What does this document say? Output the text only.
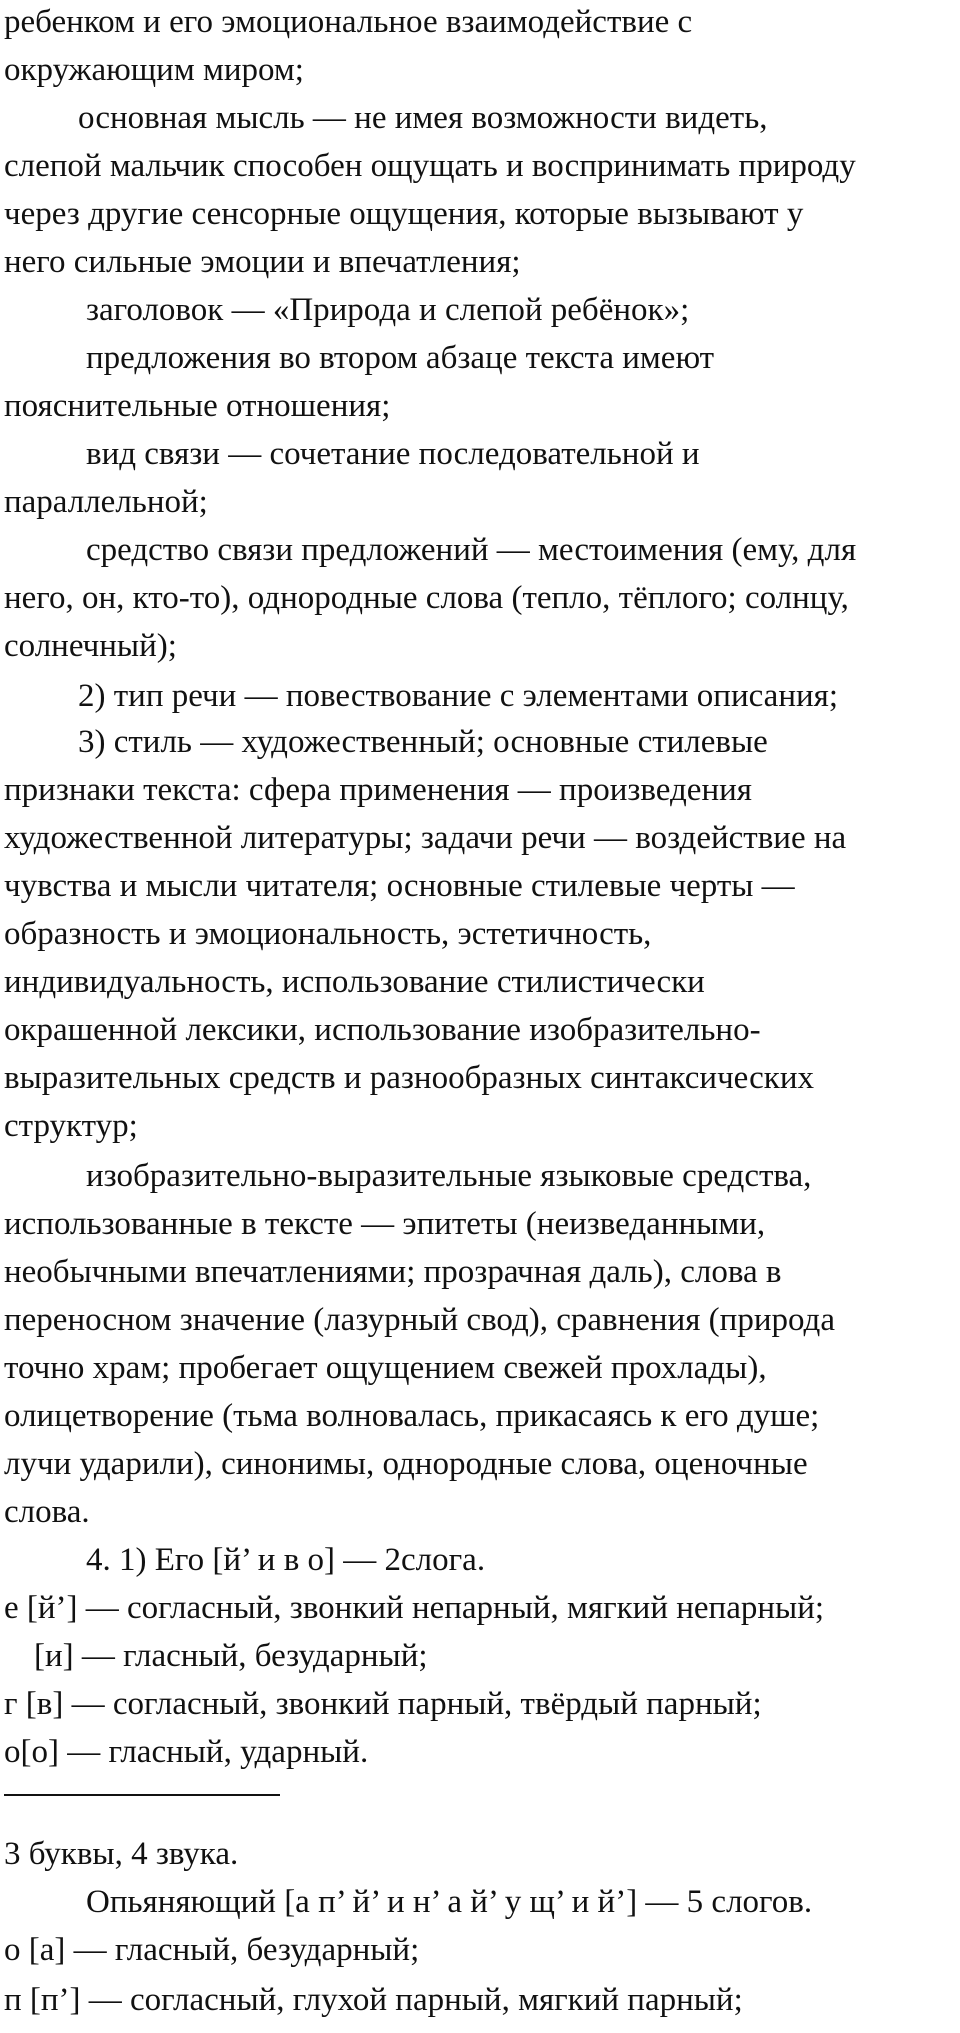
ребенком и его эмоциональное взаимодействие с
окружающим миром;
основная мысль — не имея возможности видеть,
слепой мальчик способен ощущать и воспринимать природу
через другие сенсорные ощущения, которые вызывают у
него сильные эмоции и впечатления;
заголовок — «Природа и слепой ребёнок»;
предложения во втором абзаце текста имеют
пояснительные отношения;
вид связи — сочетание последовательной и
параллельной;
средство связи предложений — местоимения (ему, для
него, он, кто-то), однородные слова (тепло, тёплого; солнцу,
солнечный);
2) тип речи — повествование с элементами описания;
3) стиль — художественный; основные стилевые
признаки текста: сфера применения — произведения
художественной литературы; задачи речи — воздействие на
чувства и мысли читателя; основные стилевые черты —
образность и эмоциональность, эстетичность,
индивидуальность, использование стилистически
окрашенной лексики, использование изобразительно-
выразительных средств и разнообразных синтаксических
структур;
изобразительно-выразительные языковые средства,
использованные в тексте — эпитеты (неизведанными,
необычными впечатлениями; прозрачная даль), слова в
переносном значение (лазурный свод), сравнения (природа
точно храм; пробегает ощущением свежей прохлады),
олицетворение (тьма волновалась, прикасаясь к его душе;
лучи ударили), синонимы, однородные слова, оценочные
слова.
4. 1) Его [й’ и в о] — 2слога.
е [й’] — согласный, звонкий непарный, мягкий непарный;
[и] — гласный, безударный;
г [в] — согласный, звонкий парный, твёрдый парный;
о[о] — гласный, ударный.
3 буквы, 4 звука.
Опьяняющий [а п’ й’ и н’ а й’ у щ’ и й’] — 5 слогов.
о [а] — гласный, безударный;
п [п’] — согласный, глухой парный, мягкий парный;
